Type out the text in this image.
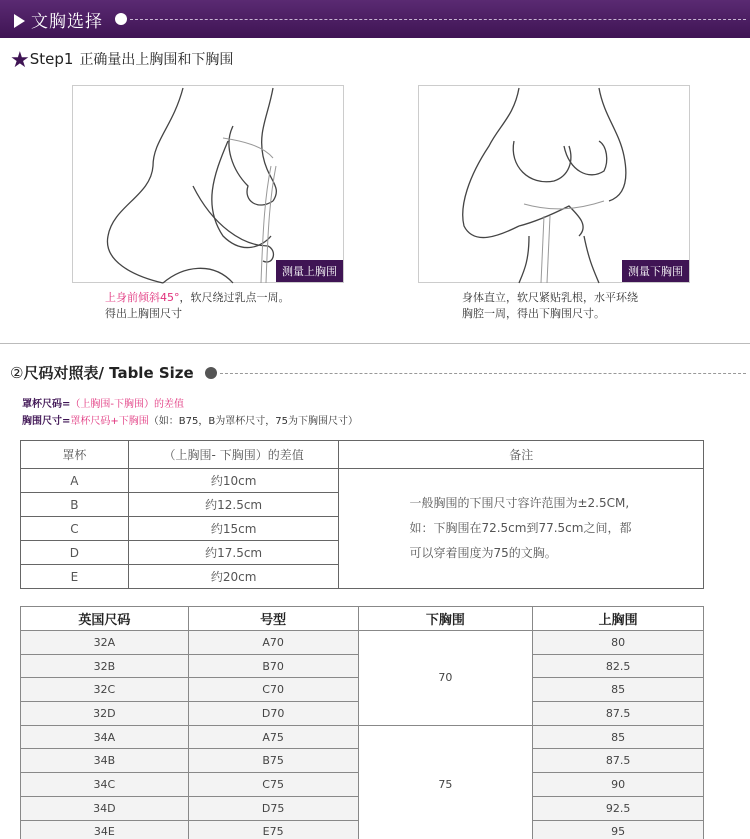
文胸选择
★Step1 正确量出上胸围和下胸围
测量上胸围	测量下胸围
上身前倾斜45°，软尺绕过乳点一周。
得出上胸围尺寸
身体直立，软尺紧贴乳根，水平环绕
胸腔一周，得出下胸围尺寸。
②尺码对照表/ Table Size
罩杯尺码=（上胸围-下胸围）的差值
胸围尺寸=罩杯尺码+下胸围（如：B75，B为罩杯尺寸，75为下胸围尺寸）
罩杯	（上胸围- 下胸围）的差值	备注
A	约10cm	一般胸围的下围尺寸容许范围为±2.5CM,
如：下胸围在72.5cm到77.5cm之间，都
可以穿着围度为75的文胸。

B	约12.5cm	
C	约15cm	
D	约17.5cm	
E	约20cm	
英国尺码	号型	下胸围	上胸围
32A	A70	70	80
32B	B70		82.5
32C	C70		85
32D	D70		87.5
34A	A75	75	85
34B	B75		87.5
34C	C75		90
34D	D75		92.5
34E	E75		95
